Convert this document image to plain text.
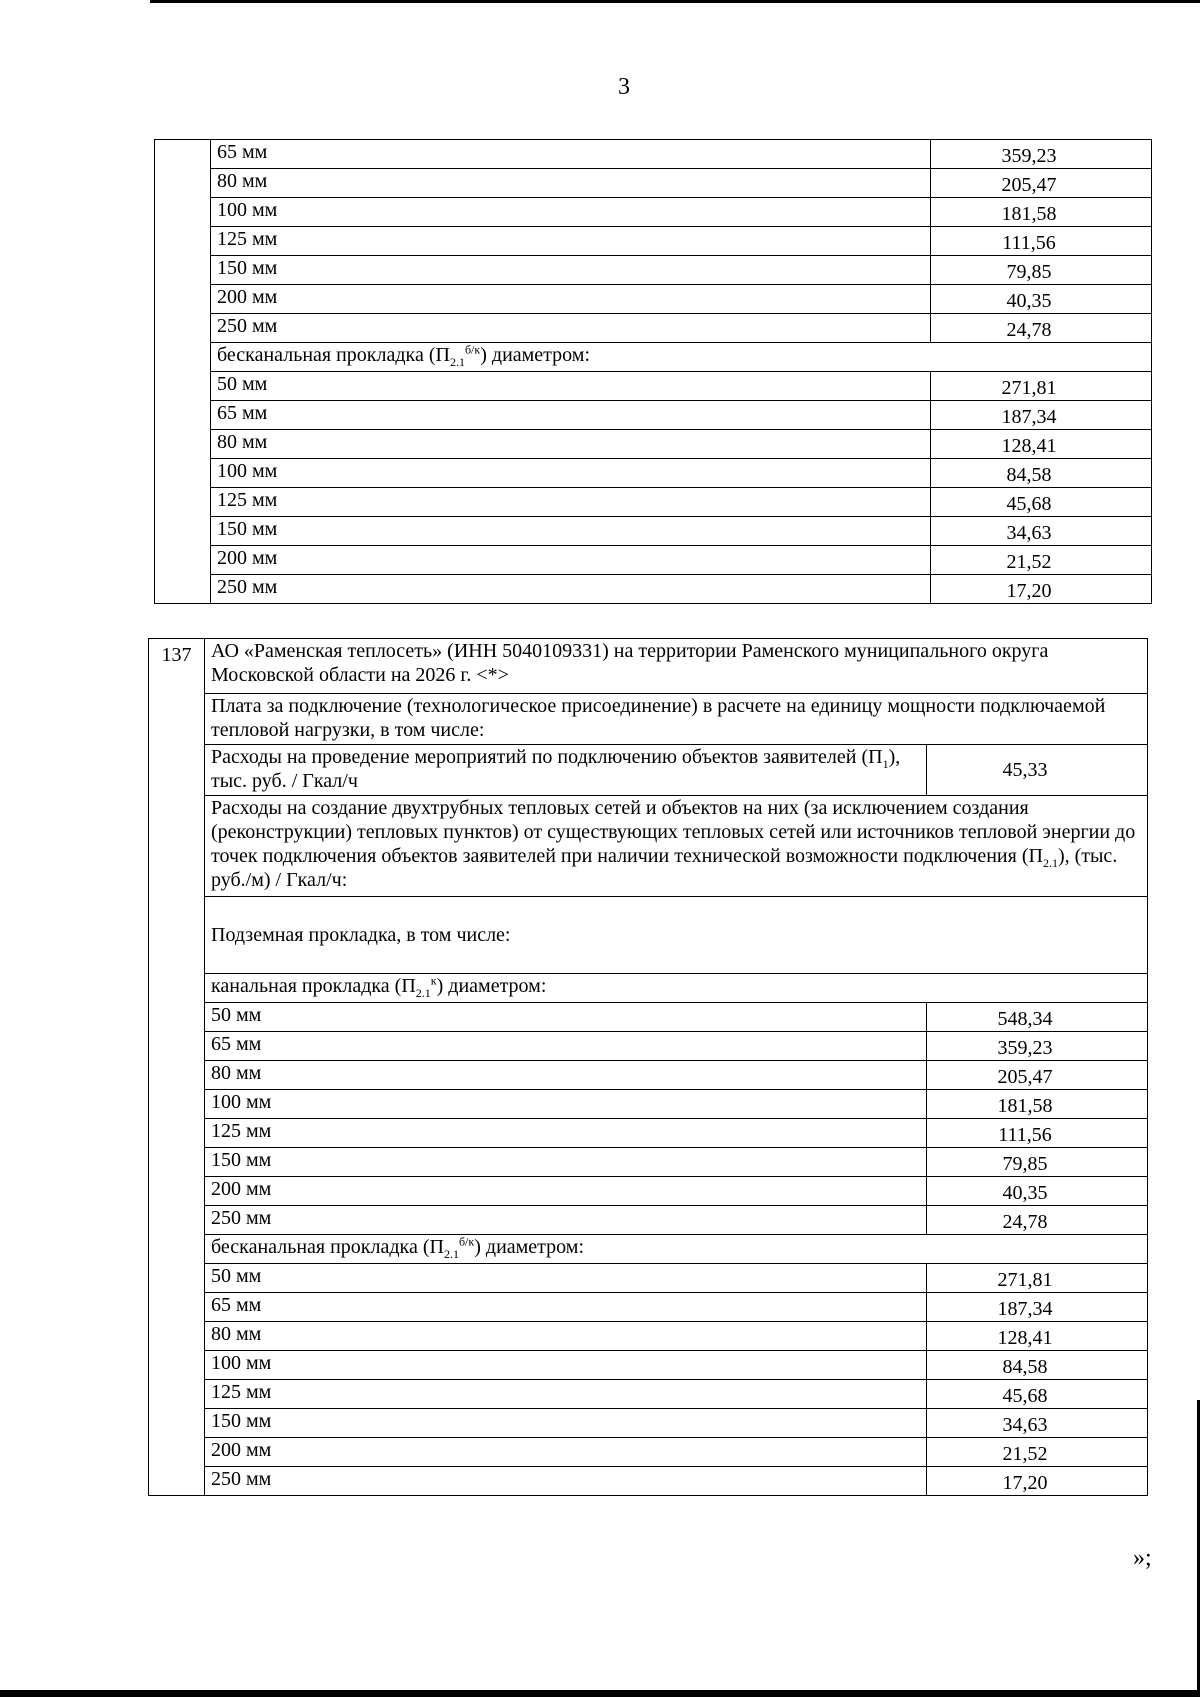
3
	65 мм	359,23
	80 мм	205,47
	100 мм	181,58
	125 мм	111,56
	150 мм	79,85
	200 мм	40,35
	250 мм	24,78
	бесканальная прокладка $(П_{2.1}^{б/к})$ диаметром:	
	50 мм	271,81
	65 мм	187,34
	80 мм	128,41
	100 мм	84,58
	125 мм	45,68
	150 мм	34,63
	200 мм	21,52
	250 мм	17,20
137	АО «Раменская теплосеть» (ИНН 5040109331) на территории Раменского муниципального округа Московской области на 2026 г. <*>	
	Плата за подключение (технологическое присоединение) в расчете на единицу мощности подключаемой тепловой нагрузки, в том числе:	
	Расходы на проведение мероприятий по подключению объектов заявителей $(П_1)$, тыс. руб. / Гкал/ч	45,33
	Расходы на создание двухтрубных тепловых сетей и объектов на них (за исключением создания (реконструкции) тепловых пунктов) от существующих тепловых сетей или источников тепловой энергии до точек подключения объектов заявителей при наличии технической возможности подключения $(П_{2.1})$, (тыс. руб./м) / Гкал/ч:	
	Подземная прокладка, в том числе:	
	канальная прокладка $(П_{2.1}^к)$ диаметром:	
	50 мм	548,34
	65 мм	359,23
	80 мм	205,47
	100 мм	181,58
	125 мм	111,56
	150 мм	79,85
	200 мм	40,35
	250 мм	24,78
	бесканальная прокладка $(П_{2.1}^{б/к})$ диаметром:	
	50 мм	271,81
	65 мм	187,34
	80 мм	128,41
	100 мм	84,58
	125 мм	45,68
	150 мм	34,63
	200 мм	21,52
	250 мм	17,20
»;
